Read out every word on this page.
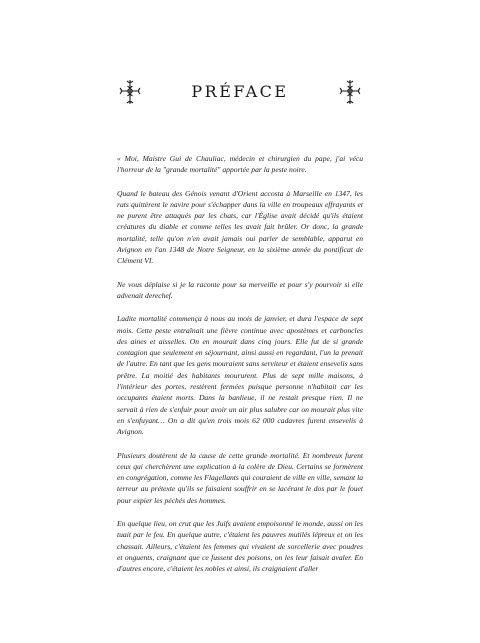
PRÉFACE

« Moi, Maistre Gui de Chauliac, médecin et chirurgien du pape, j'ai vécu l'horreur de la "grande mortalité" apportée par la peste noire.

Quand le bateau des Génois venant d'Orient accosta à Marseille en 1347, les rats quittèrent le navire pour s'échapper dans la ville en troupeaux effrayants et ne purent être attaqués par les chats, car l'Église avait décidé qu'ils étaient créatures du diable et comme telles les avait fait brûler. Or donc, la grande mortalité, telle qu'on n'en avait jamais oui parler de semblable, apparut en Avignon en l'an 1348 de Notre Seigneur, en la sixième année du pontificat de Clément VI.

Ne vous déplaise si je la raconte pour sa merveille et pour s'y pourvoir si elle advenait derechef.

Ladite mortalité commença à nous au mois de janvier, et dura l'espace de sept mois. Cette peste entraînait une fièvre continue avec apostèmes et carboncles des aines et aisselles. On en mourait dans cinq jours. Elle fut de si grande contagion que seulement en séjournant, ainsi aussi en regardant, l'un la prenait de l'autre. En tant que les gens mouraient sans serviteur et étaient ensevelis sans prêtre. La moitié des habitants moururent. Plus de sept mille maisons, à l'intérieur des portes, restèrent fermées puisque personne n'habitait car les occupants étaient morts. Dans la banlieue, il ne restait presque rien. Il ne servait à rien de s'enfuir pour avoir un air plus salubre car on mourait plus vite en s'enfuyant… On a dit qu'en trois mois 62 000 cadavres furent ensevelis à Avignon.

Plusieurs doutèrent de la cause de cette grande mortalité. Et nombreux furent ceux qui cherchèrent une explication à la colère de Dieu. Certains se formèrent en congrégation, comme les Flagellants qui couraient de ville en ville, semant la terreur au prétexte qu'ils se faisaient souffrir en se lacérant le dos par le fouet pour expier les péchés des hommes.

En quelque lieu, on crut que les Juifs avaient empoisonné le monde, aussi on les tuait par le feu. En quelque autre, c'étaient les pauvres mutilés lépreux et on les chassait. Ailleurs, c'étaient les femmes qui vivaient de sorcellerie avec poudres et onguents, craignant que ce fussent des poisons, on les leur faisait avaler. En d'autres encore, c'étaient les nobles et ainsi, ils craignaient d'aller
